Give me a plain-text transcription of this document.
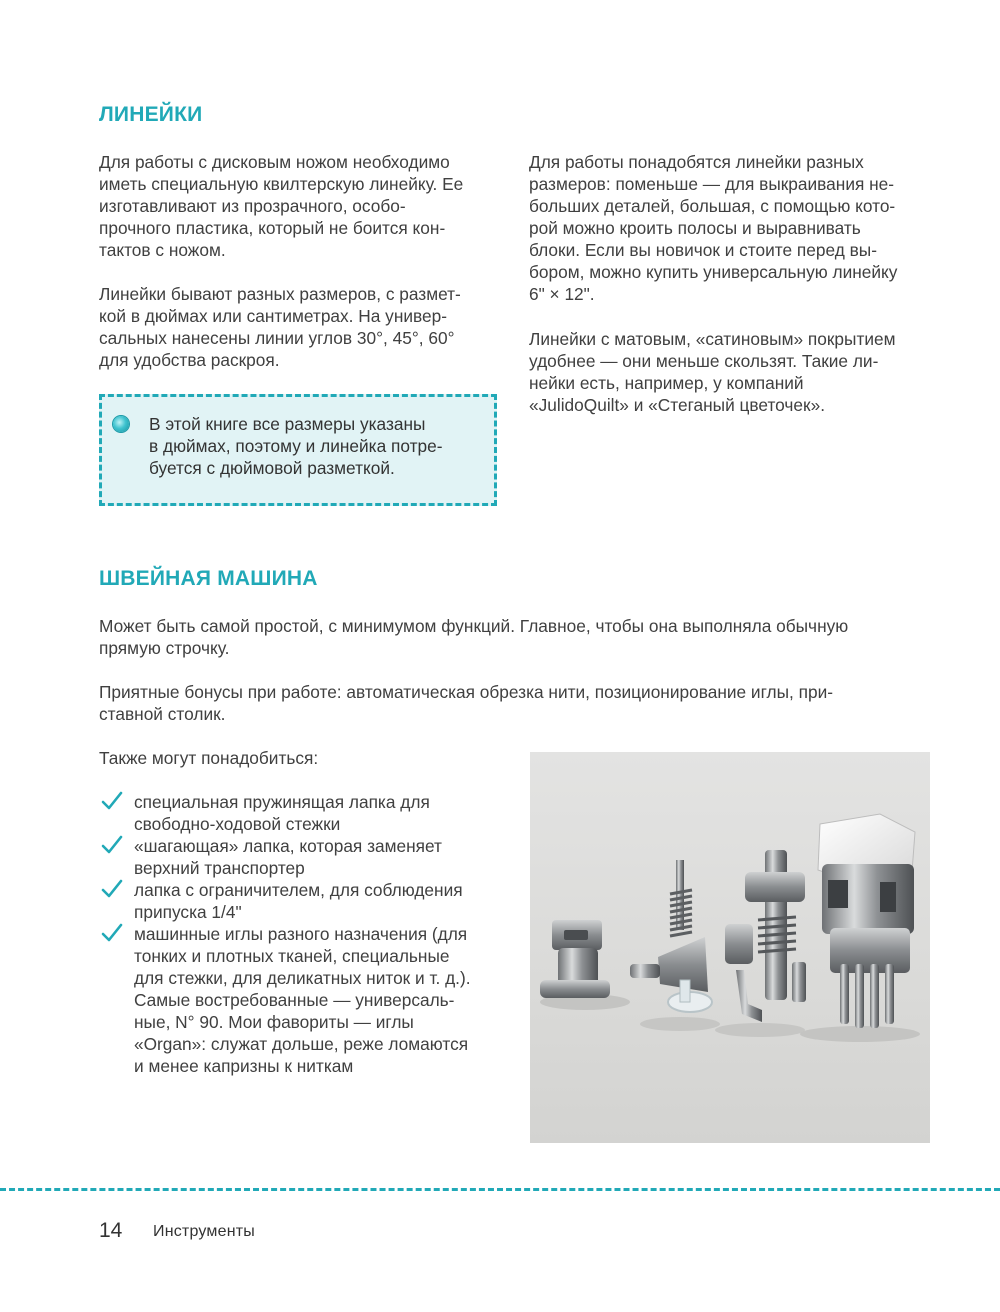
ЛИНЕЙКИ

Для работы с дисковым ножом необходимо
иметь специальную квилтерскую линейку. Ее
изготавливают из прозрачного, особо-
прочного пластика, который не боится кон-
тактов с ножом.

Линейки бывают разных размеров, с размет-
кой в дюймах или сантиметрах. На универ-
сальных нанесены линии углов 30°, 45°, 60°
для удобства раскроя.

В этой книге все размеры указаны
в дюймах, поэтому и линейка потре-
буется с дюймовой разметкой.

Для работы понадобятся линейки разных
размеров: поменьше — для выкраивания не-
больших деталей, большая, с помощью кото-
рой можно кроить полосы и выравнивать
блоки. Если вы новичок и стоите перед вы-
бором, можно купить универсальную линейку
6" × 12".

Линейки с матовым, «сатиновым» покрытием
удобнее — они меньше скользят. Такие ли-
нейки есть, например, у компаний
«JulidoQuilt» и «Стеганый цветочек».

ШВЕЙНАЯ МАШИНА

Может быть самой простой, с минимумом функций. Главное, чтобы она выполняла обычную
прямую строчку.

Приятные бонусы при работе: автоматическая обрезка нити, позиционирование иглы, при-
ставной столик.

Также могут понадобиться:

специальная пружинящая лапка для
свободно-ходовой стежки
«шагающая» лапка, которая заменяет
верхний транспортер
лапка с ограничителем, для соблюдения
припуска 1/4"
машинные иглы разного назначения (для
тонких и плотных тканей, специальные
для стежки, для деликатных ниток и т. д.).
Самые востребованные — универсаль-
ные, N° 90. Мои фавориты — иглы
«Organ»: служат дольше, реже ломаются
и менее капризны к ниткам
14 Инструменты
